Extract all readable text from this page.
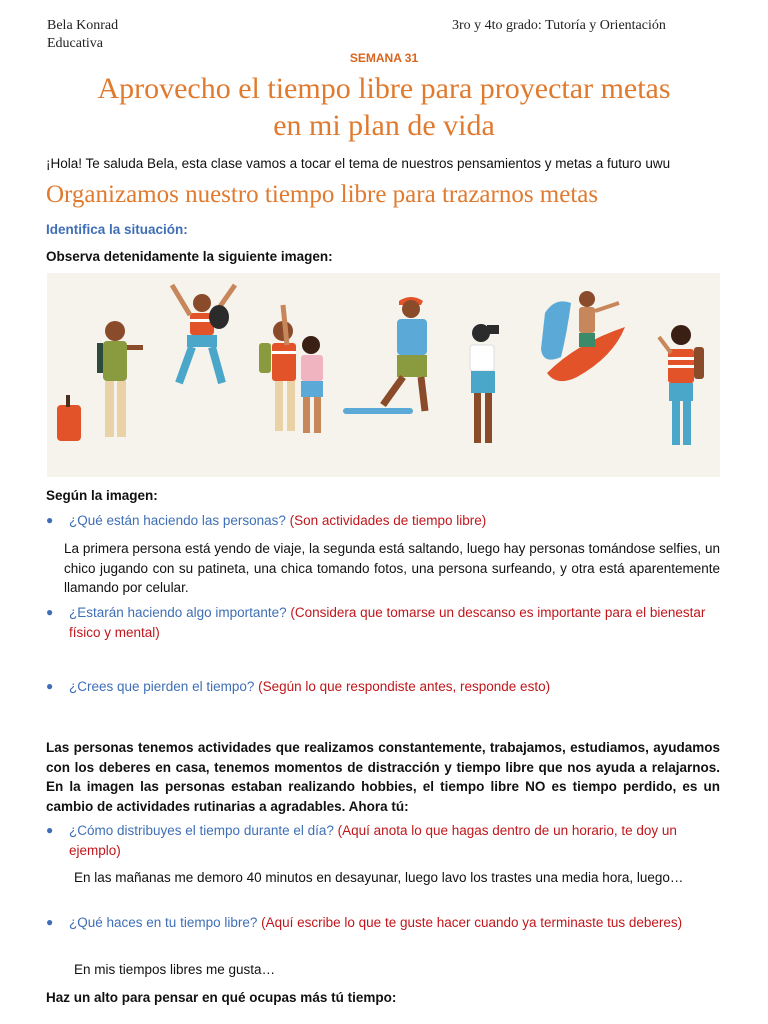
Bela Konrad
Educativa
3ro y 4to grado: Tutoría y Orientación
SEMANA 31
Aprovecho el tiempo libre para proyectar metas
en mi plan de vida
¡Hola! Te saluda Bela, esta clase vamos a tocar el tema de nuestros pensamientos y metas a futuro uwu
Organizamos nuestro tiempo libre para trazarnos metas
Identifica la situación:
Observa detenidamente la siguiente imagen:
Según la imagen:
● ¿Qué están haciendo las personas? (Son actividades de tiempo libre)
La primera persona está yendo de viaje, la segunda está saltando, luego hay personas tomándose selfies, un chico jugando con su patineta, una chica tomando fotos, una persona surfeando, y otra está aparentemente llamando por celular.
● ¿Estarán haciendo algo importante? (Considera que tomarse un descanso es importante para el bienestar físico y mental)
● ¿Crees que pierden el tiempo? (Según lo que respondiste antes, responde esto)
Las personas tenemos actividades que realizamos constantemente, trabajamos, estudiamos, ayudamos con los deberes en casa, tenemos momentos de distracción y tiempo libre que nos ayuda a relajarnos. En la imagen las personas estaban realizando hobbies, el tiempo libre NO es tiempo perdido, es un cambio de actividades rutinarias a agradables. Ahora tú:
● ¿Cómo distribuyes el tiempo durante el día? (Aquí anota lo que hagas dentro de un horario, te doy un ejemplo)
En las mañanas me demoro 40 minutos en desayunar, luego lavo los trastes una media hora, luego…
● ¿Qué haces en tu tiempo libre? (Aquí escribe lo que te guste hacer cuando ya terminaste tus deberes)
En mis tiempos libres me gusta…
Haz un alto para pensar en qué ocupas más tú tiempo:
